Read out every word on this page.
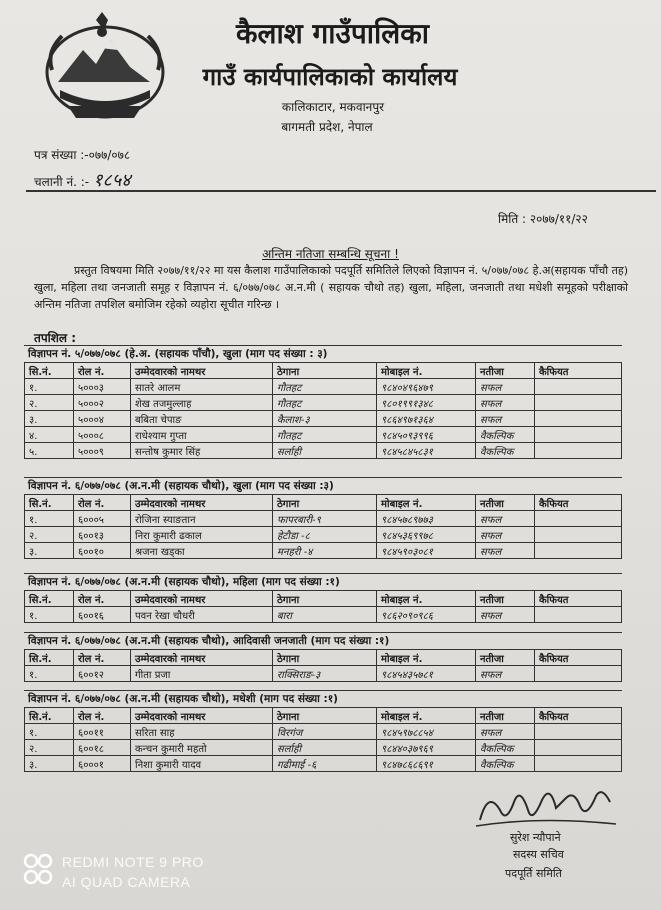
कैलाश गाउँपालिका
गाउँ कार्यपालिकाको कार्यालय
कालिकाटार, मकवानपुर
बागमती प्रदेश, नेपाल
पत्र संख्या :-०७७/०७८
चलानी नं. :- १८५४
मिति : २०७७/११/२२
अन्तिम नतिजा सम्बन्धि सूचना !
प्रस्तुत विषयमा मिति २०७७/११/२२ मा यस कैलाश गाउँपालिकाको पदपूर्ति समितिले लिएको विज्ञापन नं. ५/०७७/०७८ हे.अ(सहायक पाँचौ तह) खुला, महिला तथा जनजाती समूह र विज्ञापन नं. ६/०७७/०७८ अ.न.मी ( सहायक चौथो तह) खुला, महिला, जनजाती तथा मधेशी समूहको परीक्षाको अन्तिम नतिजा तपशिल बमोजिम रहेको व्यहोरा सूचीत गरिन्छ ।
तपशिल :
विज्ञापन नं. ५/०७७/०७८ (हे.अ. (सहायक पाँचौ), खुला (माग पद संख्या : ३)
सि.नं.	रोल नं.	उम्मेदवारको नामथर	ठेगाना	मोबाइल नं.	नतीजा	कैफियत
१.	५०००३	सातरे आलम	गौतहट	९८४०४९६४७९	सफल	
२.	५०००२	शेख तजमुल्लाह	गौतहट	९८०१९९१३४८	सफल	
३.	५०००४	बबिता चेपाङ	कैलाश-३	९८६४९७१३६४	सफल	
४.	५०००८	राधेश्याम गुप्ता	गौतहट	९८४५०९३९९६	वैकल्पिक	
५.	५०००९	सन्तोष कुमार सिंह	सर्लाही	९८४५८४५८३१	वैकल्पिक	
विज्ञापन नं. ६/०७७/०७८ (अ.न.मी (सहायक चौथो), खुला (माग पद संख्या :३)
सि.नं.	रोल नं.	उम्मेदवारको नामथर	ठेगाना	मोबाइल नं.	नतीजा	कैफियत
१.	६०००५	रोजिना स्याङतान	फापरबारी-९	९८४५७८९७७३	सफल	
२.	६००१३	निरा कुमारी ढकाल	हेटौडा -८	९८४५३६९९७८	सफल	
३.	६००१०	श्रजना खड्का	मनहरी -४	९८४५९०३०८१	सफल	
विज्ञापन नं. ६/०७७/०७८ (अ.न.मी (सहायक चौथो), महिला (माग पद संख्या :१)
सि.नं.	रोल नं.	उम्मेदवारको नामथर	ठेगाना	मोबाइल नं.	नतीजा	कैफियत
१.	६००१६	पवन रेखा चौधरी	बारा	९८६२०९०९८६	सफल	
विज्ञापन नं. ६/०७७/०७८ (अ.न.मी (सहायक चौथो), आदिवासी जनजाती (माग पद संख्या :१)
सि.नं.	रोल नं.	उम्मेदवारको नामथर	ठेगाना	मोबाइल नं.	नतीजा	कैफियत
१.	६००१२	गीता प्रजा	राक्सिराङ-३	९८४५४३५७८१	सफल	
विज्ञापन नं. ६/०७७/०७८ (अ.न.मी (सहायक चौथो), मधेशी (माग पद संख्या :१)
सि.नं.	रोल नं.	उम्मेदवारको नामथर	ठेगाना	मोबाइल नं.	नतीजा	कैफियत
१.	६००११	सरिता साह	विरगंज	९८४५९७८८५४	सफल	
२.	६००१८	कन्चन कुमारी महतो	सर्लाही	९८४४०३७९६९	वैकल्पिक	
३.	६०००१	निशा कुमारी यादव	गढीमाई -६	९८४७८६८६९१	वैकल्पिक	
सुरेश न्यौपाने
सदस्य सचिव
पदपूर्ति समिति
REDMI NOTE 9 PRO
AI QUAD CAMERA
